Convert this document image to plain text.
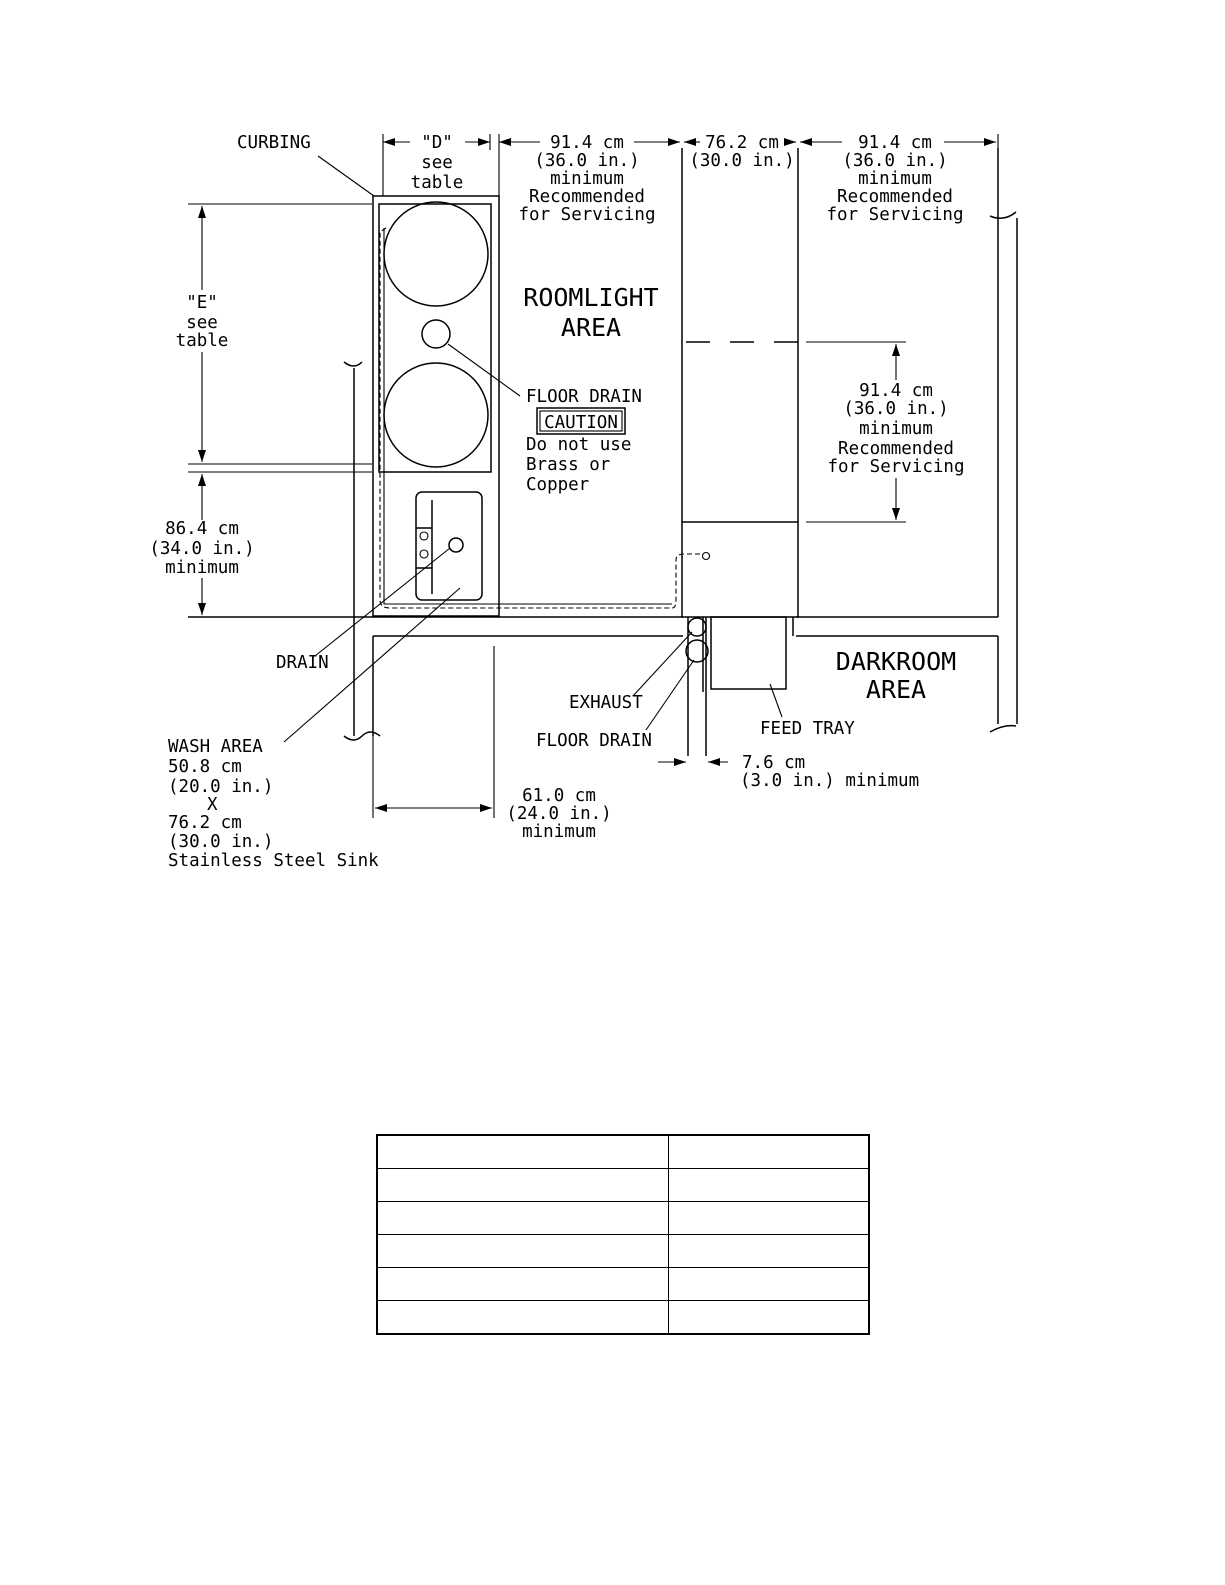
CURBING	"D"
see
table
91.4 cm
(36.0 in.)
minimum
Recommended
for Servicing
76.2 cm
(30.0 in.)
91.4 cm
(36.0 in.)
minimum
Recommended
for Servicing
"E"
see
table
ROOMLIGHT
AREA
FLOOR DRAIN
CAUTION
Do not use
Brass or
Copper
91.4 cm
(36.0 in.)
minimum
Recommended
for Servicing
86.4 cm
(34.0 in.)
minimum
DRAIN
WASH AREA
50.8 cm
(20.0 in.)
X
76.2 cm
(30.0 in.)
Stainless Steel Sink
EXHAUST
FLOOR DRAIN
FEED TRAY
DARKROOM
AREA
61.0 cm
(24.0 in.)
minimum
7.6 cm
(3.0 in.) minimum
